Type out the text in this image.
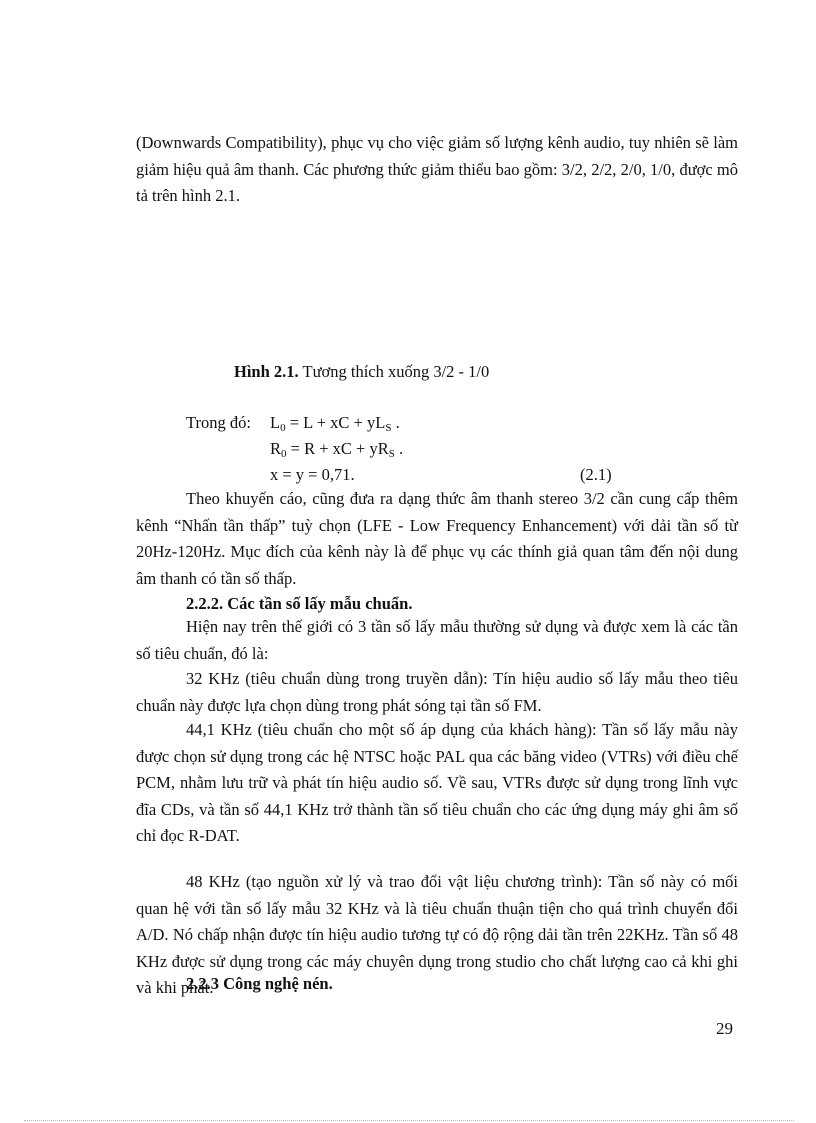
(Downwards Compatibility), phục vụ cho việc giảm số lượng kênh audio, tuy nhiên sẽ làm giảm hiệu quả âm thanh. Các phương thức giảm thiểu bao gồm: 3/2, 2/2, 2/0, 1/0, được mô tả trên hình 2.1.

Hình 2.1. Tương thích xuống 3/2 - 1/0
Trong đó: $L_0 = L$ + xC + $yL_S$ .
$R_0 = R$ + xC + $yR_S$ .
x = y = 0,71.	(2.1)

Theo khuyến cáo, cũng đưa ra dạng thức âm thanh stereo 3/2 cần cung cấp thêm kênh “Nhấn tần thấp” tuỳ chọn (LFE - Low Frequency Enhancement) với dải tần số từ 20Hz-120Hz. Mục đích của kênh này là để phục vụ các thính giả quan tâm đến nội dung âm thanh có tần số thấp.

2.2.2. Các tần số lấy mẫu chuẩn.

Hiện nay trên thế giới có 3 tần số lấy mẫu thường sử dụng và được xem là các tần số tiêu chuẩn, đó là:

32 KHz (tiêu chuẩn dùng trong truyền dẫn): Tín hiệu audio số lấy mẫu theo tiêu chuẩn này được lựa chọn dùng trong phát sóng tại tần số FM.

44,1 KHz (tiêu chuẩn cho một số áp dụng của khách hàng): Tần số lấy mẫu này được chọn sử dụng trong các hệ NTSC hoặc PAL qua các băng video (VTRs) với điều chế PCM, nhằm lưu trữ và phát tín hiệu audio số. Về sau, VTRs được sử dụng trong lĩnh vực đĩa CDs, và tần số 44,1 KHz trở thành tần số tiêu chuẩn cho các ứng dụng máy ghi âm số chỉ đọc R-DAT.

48 KHz (tạo nguồn xử lý và trao đổi vật liệu chương trình): Tần số này có mối quan hệ với tần số lấy mẫu 32 KHz và là tiêu chuẩn thuận tiện cho quá trình chuyển đổi A/D. Nó chấp nhận được tín hiệu audio tương tự có độ rộng dải tần trên 22KHz. Tần số 48 KHz được sử dụng trong các máy chuyên dụng trong studio cho chất lượng cao cả khi ghi và khi phát.

2.2.3 Công nghệ nén.
29
